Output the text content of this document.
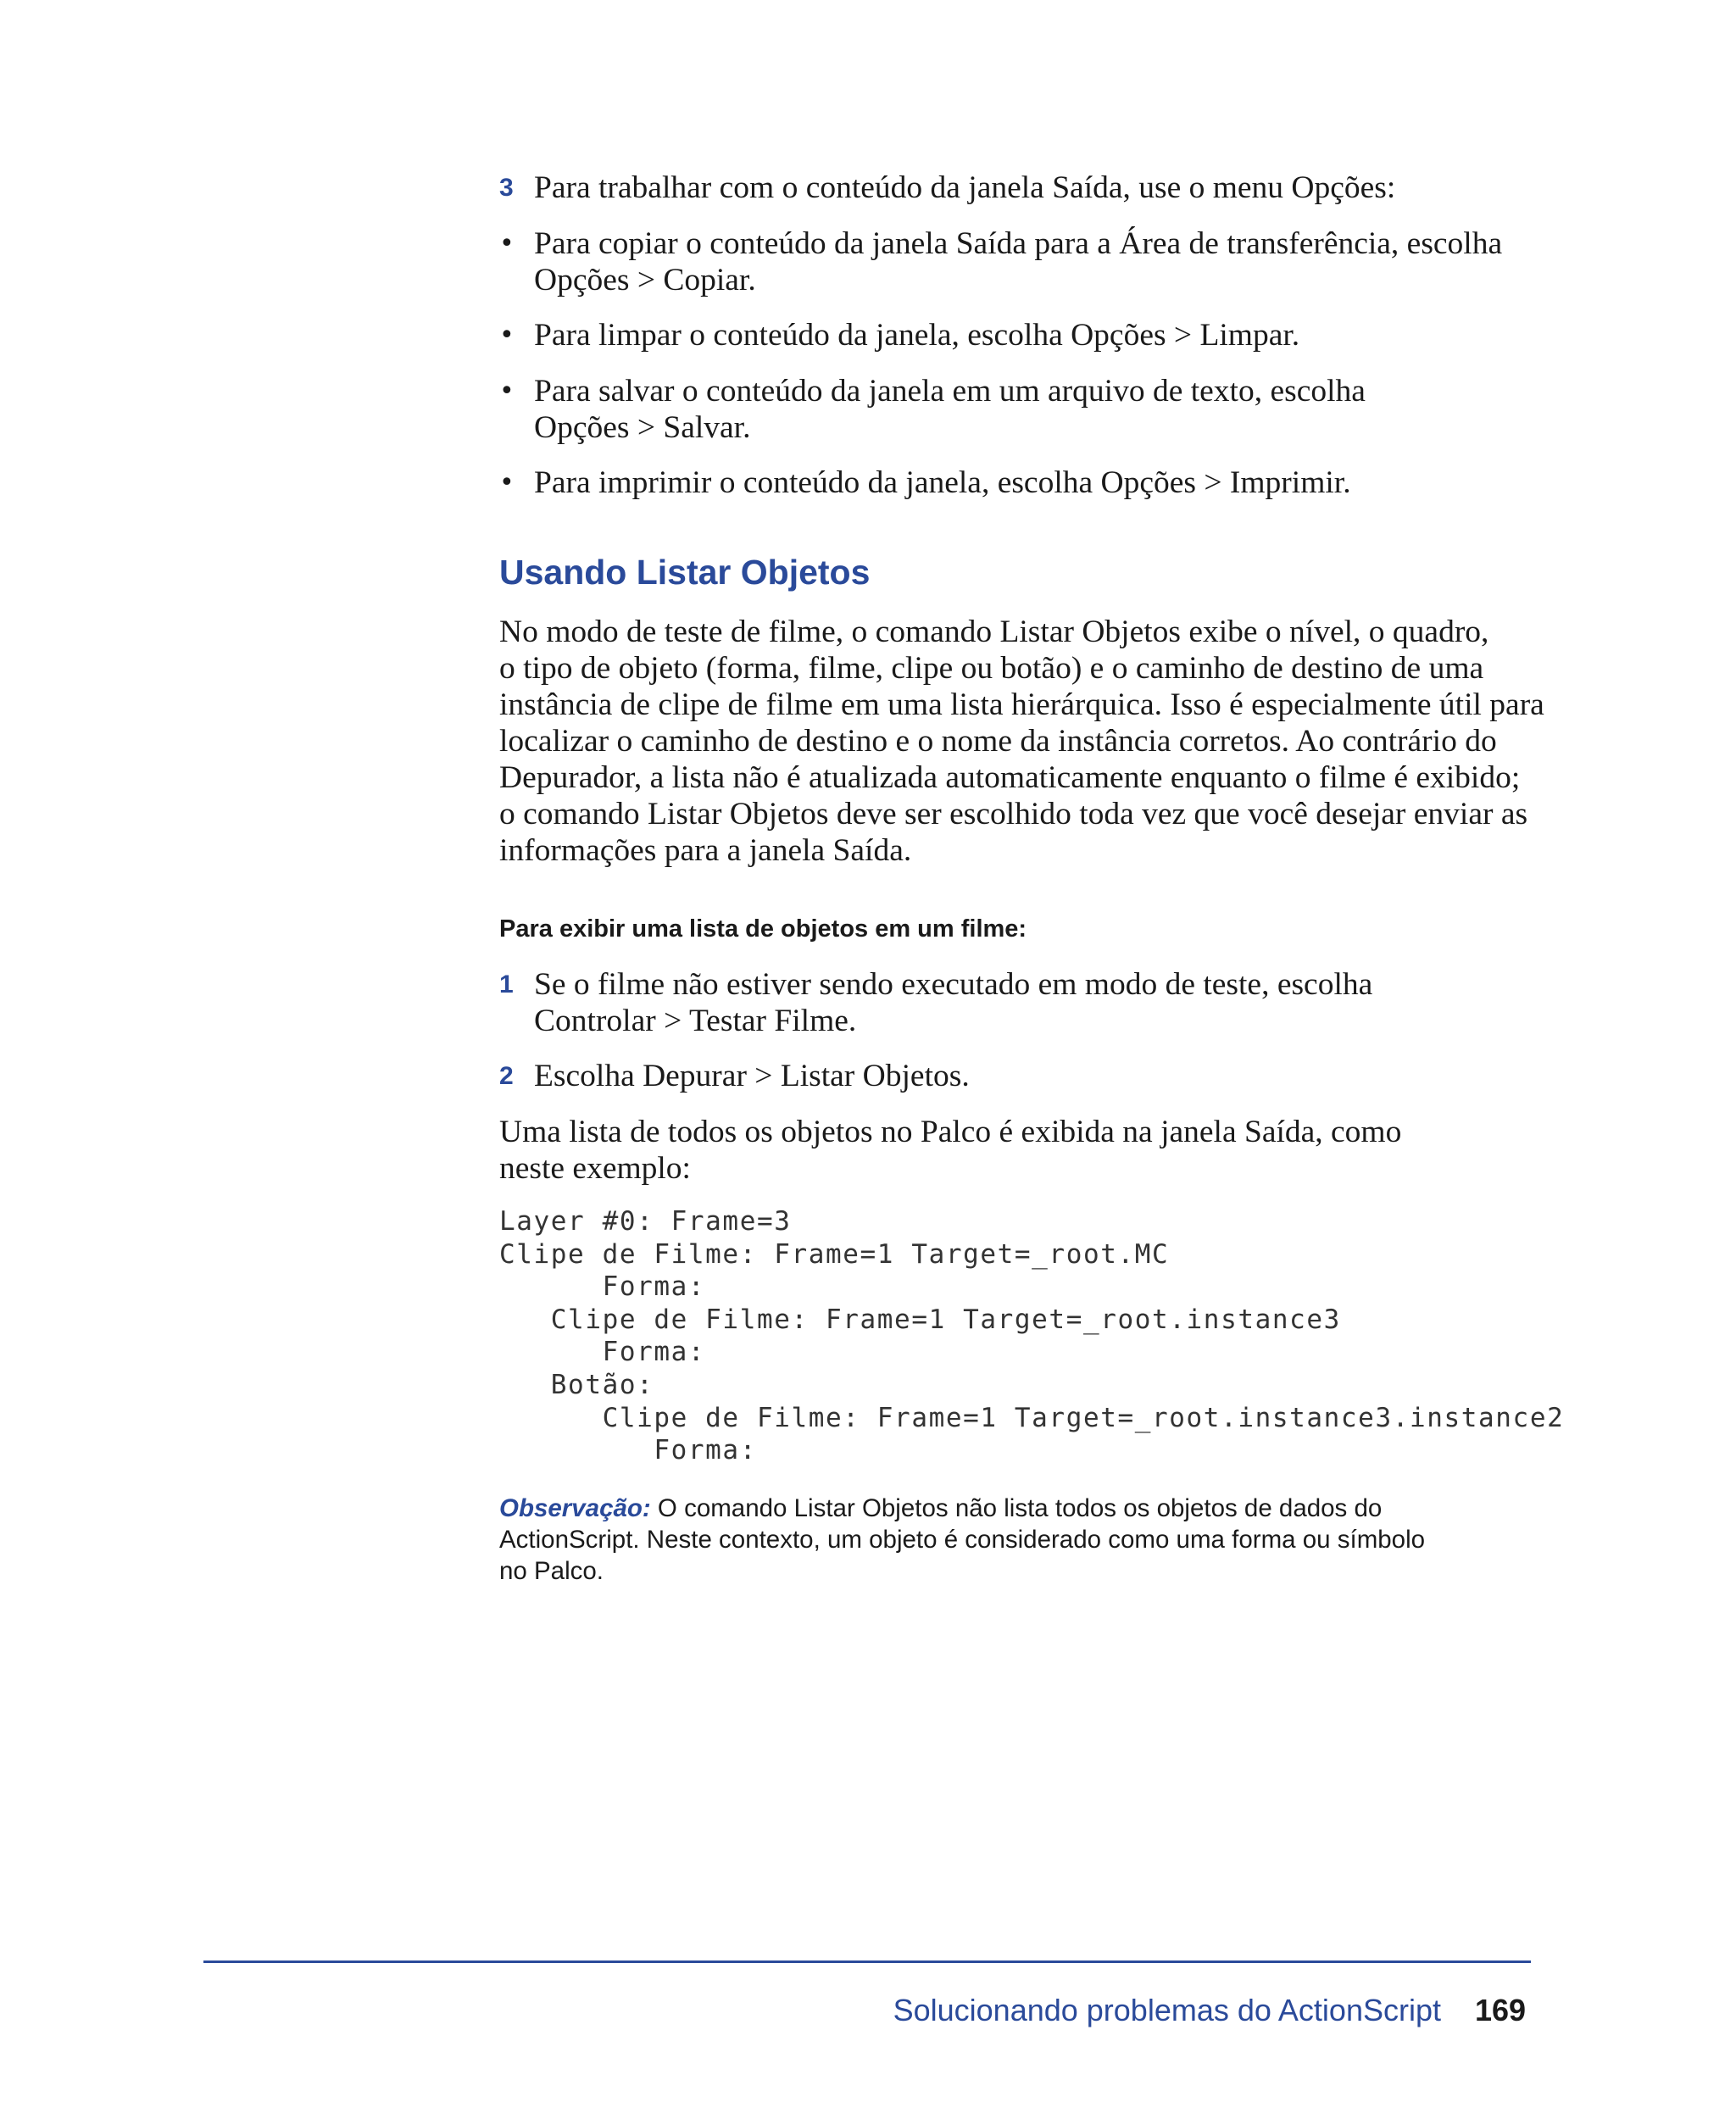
3 Para trabalhar com o conteúdo da janela Saída, use o menu Opções:
• Para copiar o conteúdo da janela Saída para a Área de transferência, escolha
Opções > Copiar.
• Para limpar o conteúdo da janela, escolha Opções > Limpar.
• Para salvar o conteúdo da janela em um arquivo de texto, escolha
Opções > Salvar.
• Para imprimir o conteúdo da janela, escolha Opções > Imprimir.
Usando Listar Objetos
No modo de teste de filme, o comando Listar Objetos exibe o nível, o quadro,
o tipo de objeto (forma, filme, clipe ou botão) e o caminho de destino de uma
instância de clipe de filme em uma lista hierárquica. Isso é especialmente útil para
localizar o caminho de destino e o nome da instância corretos. Ao contrário do
Depurador, a lista não é atualizada automaticamente enquanto o filme é exibido;
o comando Listar Objetos deve ser escolhido toda vez que você desejar enviar as
informações para a janela Saída.
Para exibir uma lista de objetos em um filme:
1 Se o filme não estiver sendo executado em modo de teste, escolha
Controlar > Testar Filme.
2 Escolha Depurar > Listar Objetos.
Uma lista de todos os objetos no Palco é exibida na janela Saída, como
neste exemplo:
Layer #0: Frame=3
Clipe de Filme: Frame=1 Target=_root.MC
Forma:
Clipe de Filme: Frame=1 Target=_root.instance3
Forma:
Botão:
Clipe de Filme: Frame=1 Target=_root.instance3.instance2
Forma:
Observação: O comando Listar Objetos não lista todos os objetos de dados do
ActionScript. Neste contexto, um objeto é considerado como uma forma ou símbolo
no Palco.
Solucionando problemas do ActionScript 169
